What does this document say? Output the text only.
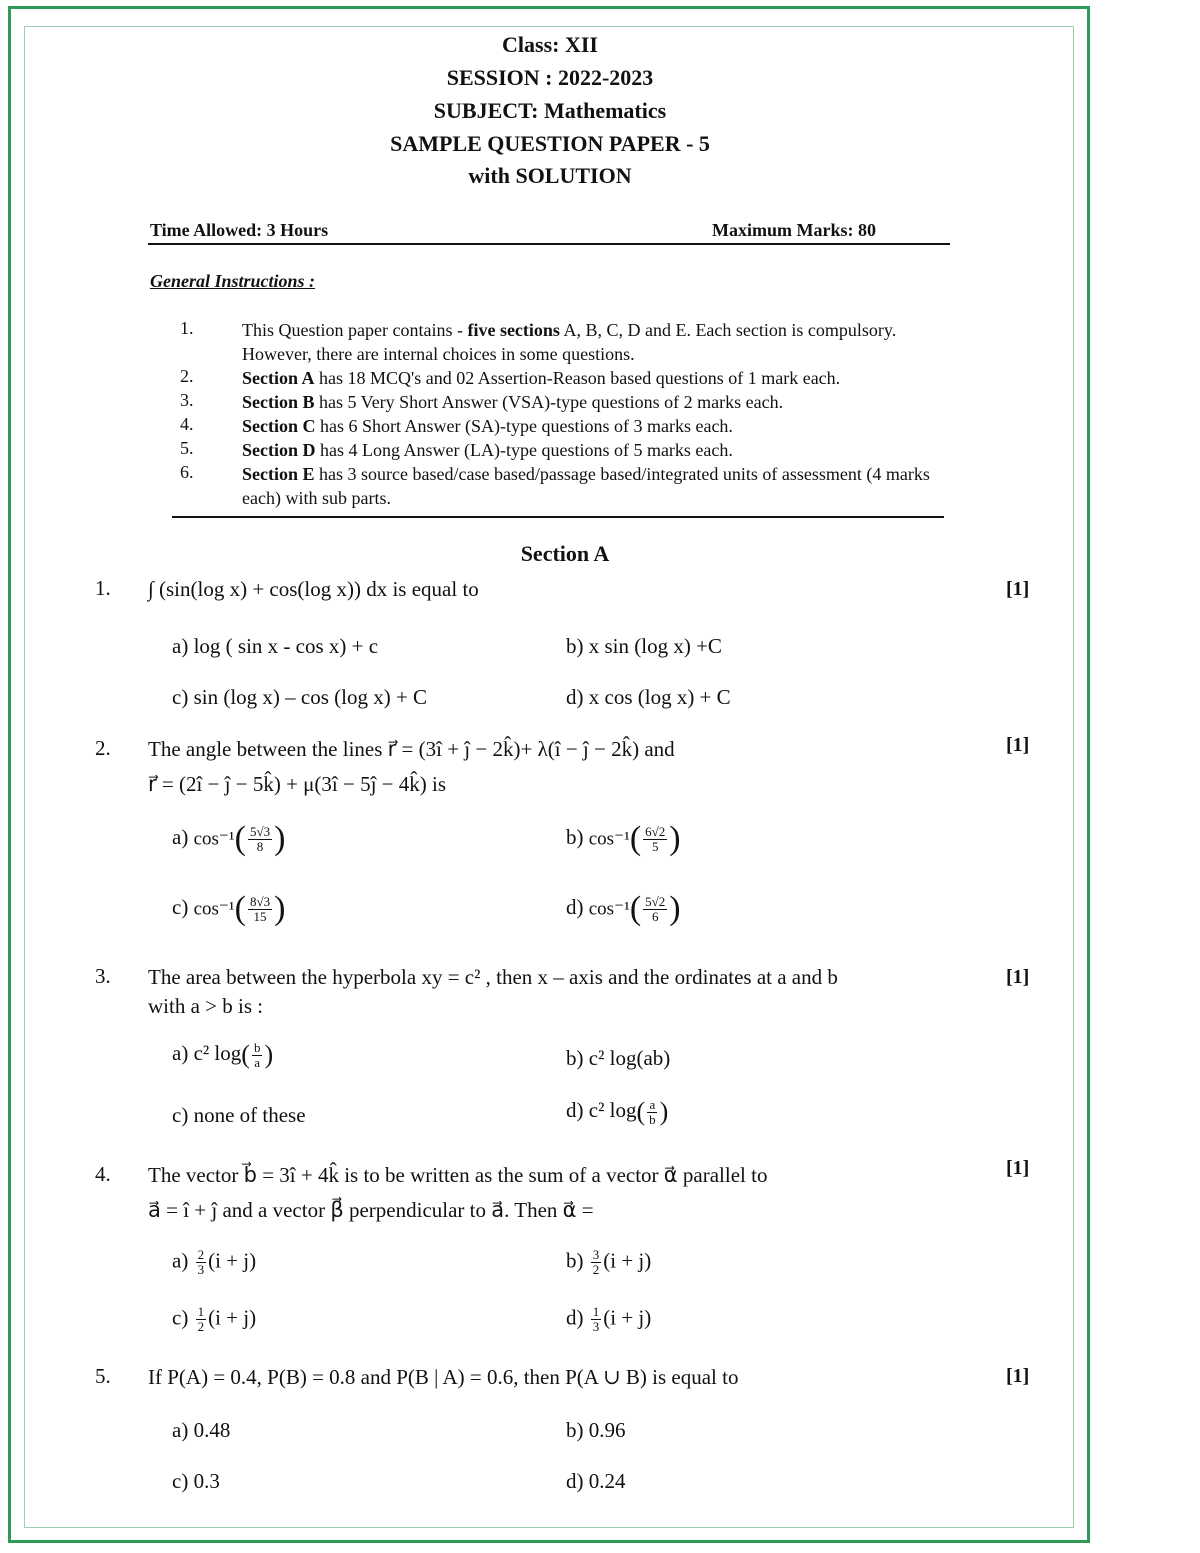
Class: XII
SESSION : 2022-2023
SUBJECT: Mathematics
SAMPLE QUESTION PAPER - 5
with SOLUTION
Time Allowed: 3 Hours	Maximum Marks: 80
General Instructions :
1.	This Question paper contains - five sections A, B, C, D and E. Each section is compulsory. However, there are internal choices in some questions.
2.	Section A has 18 MCQ's and 02 Assertion-Reason based questions of 1 mark each.
3.	Section B has 5 Very Short Answer (VSA)-type questions of 2 marks each.
4.	Section C has 6 Short Answer (SA)-type questions of 3 marks each.
5.	Section D has 4 Long Answer (LA)-type questions of 5 marks each.
6.	Section E has 3 source based/case based/passage based/integrated units of assessment (4 marks each) with sub parts.
Section A
1. ∫ (sin(log x) + cos(log x)) dx is equal to	[1]
a) log ( sin x - cos x) + c	b) x sin (log x) +C
c) sin (log x) – cos (log x) + C	d) x cos (log x) + C
2. The angle between the lines r⃗ = (3î + ĵ − 2k̂)+ λ(î − ĵ − 2k̂) and
r⃗ = (2î − ĵ − 5k̂) + μ(3î − 5ĵ − 4k̂) is
[1]
a) $\cos^{-1}( \frac{5√3}{8}$ )	b) $\cos^{-1}( \frac{6√2}{5}$ )
c) $\cos^{-1}( \frac{8√3}{15}$ )	d) $\cos^{-1}( \frac{5√2}{6}$ )
3. The area between the hyperbola xy = c² , then x – axis and the ordinates at a and b
with a > b is :
[1]
a) c² $\log( \frac{b}{a}$ )	b) c² log(ab)
c) none of these	d) c² $\log( \frac{a}{b}$ )
4. The vector b⃗ = 3î + 4k̂ is to be written as the sum of a vector α⃗ parallel to
a⃗ = î + ĵ and a vector β⃗ perpendicular to a⃗. Then α⃗ =
[1]
$a) \frac{2}{3} (i + j)$	$b) \frac{3}{2} (i + j)$
$c) \frac{1}{2} (i + j)$	$d) \frac{1}{3} (i + j)$
5. If P(A) = 0.4, P(B) = 0.8 and P(B | A) = 0.6, then P(A ∪ B) is equal to	[1]
a) 0.48	b) 0.96
c) 0.3	d) 0.24
